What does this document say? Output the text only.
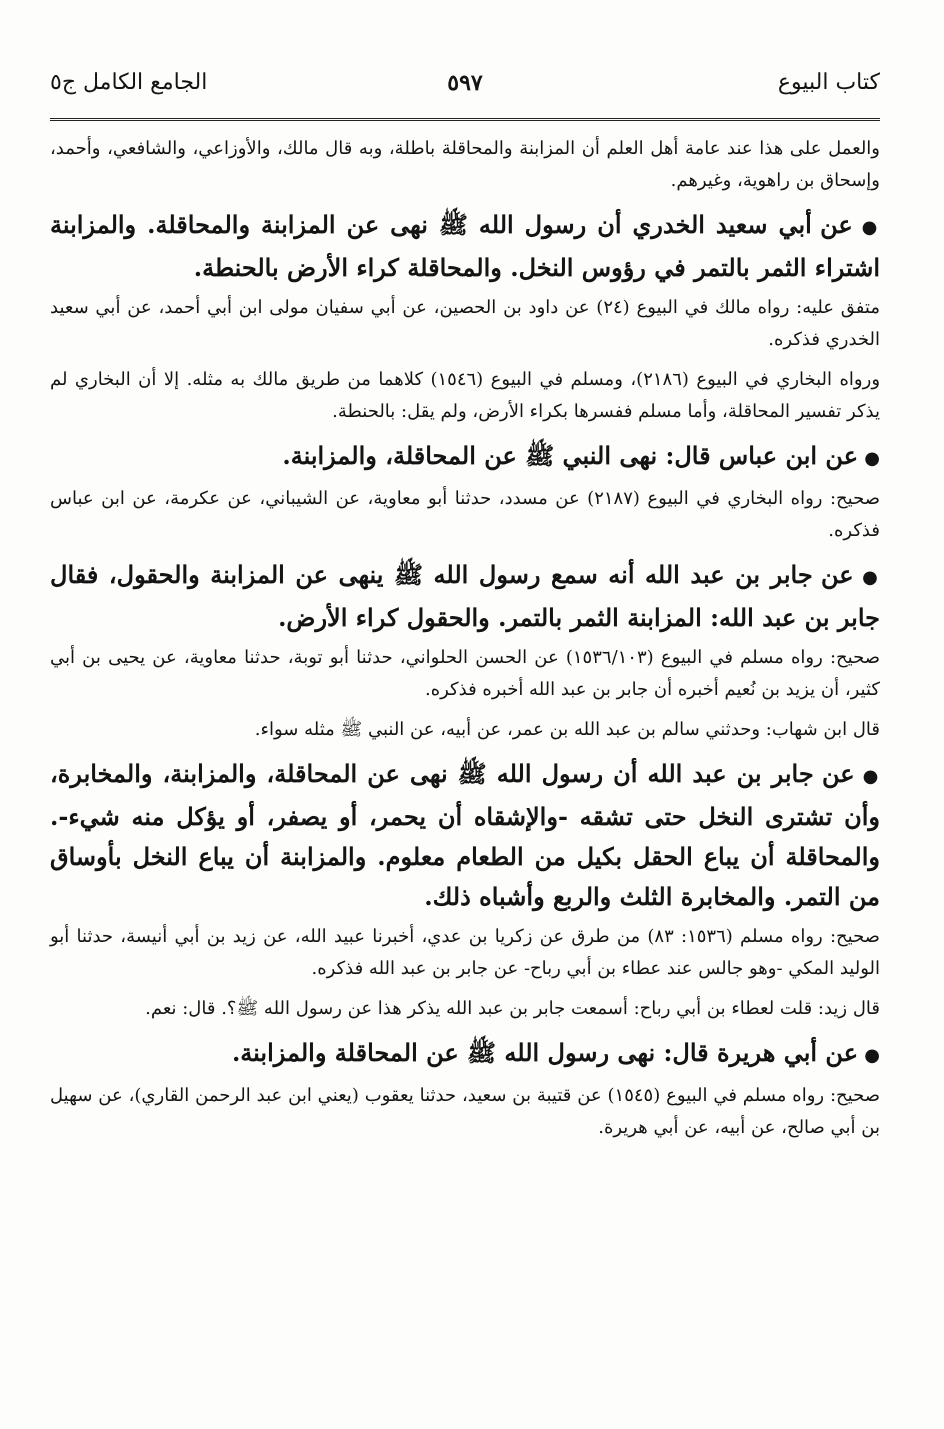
كتاب البيوع
٥٩٧
الجامع الكامل ج٥

والعمل على هذا عند عامة أهل العلم أن المزابنة والمحاقلة باطلة، وبه قال مالك، والأوزاعي، والشافعي، وأحمد، وإسحاق بن راهوية، وغيرهم.

● عن أبي سعيد الخدري أن رسول الله ﷺ نهى عن المزابنة والمحاقلة. والمزابنة اشتراء الثمر بالتمر في رؤوس النخل. والمحاقلة كراء الأرض بالحنطة.

متفق عليه: رواه مالك في البيوع (٢٤) عن داود بن الحصين، عن أبي سفيان مولى ابن أبي أحمد، عن أبي سعيد الخدري فذكره.

ورواه البخاري في البيوع (٢١٨٦)، ومسلم في البيوع (١٥٤٦) كلاهما من طريق مالك به مثله. إلا أن البخاري لم يذكر تفسير المحاقلة، وأما مسلم ففسرها بكراء الأرض، ولم يقل: بالحنطة.

● عن ابن عباس قال: نهى النبي ﷺ عن المحاقلة، والمزابنة.

صحيح: رواه البخاري في البيوع (٢١٨٧) عن مسدد، حدثنا أبو معاوية، عن الشيباني، عن عكرمة، عن ابن عباس فذكره.

● عن جابر بن عبد الله أنه سمع رسول الله ﷺ ينهى عن المزابنة والحقول، فقال جابر بن عبد الله: المزابنة الثمر بالتمر. والحقول كراء الأرض.

صحيح: رواه مسلم في البيوع (١٥٣٦/١٠٣) عن الحسن الحلواني، حدثنا أبو توبة، حدثنا معاوية، عن يحيى بن أبي كثير، أن يزيد بن نُعيم أخبره أن جابر بن عبد الله أخبره فذكره.

قال ابن شهاب: وحدثني سالم بن عبد الله بن عمر، عن أبيه، عن النبي ﷺ مثله سواء.

● عن جابر بن عبد الله أن رسول الله ﷺ نهى عن المحاقلة، والمزابنة، والمخابرة، وأن تشترى النخل حتى تشقه -والإشقاه أن يحمر، أو يصفر، أو يؤكل منه شيء-. والمحاقلة أن يباع الحقل بكيل من الطعام معلوم. والمزابنة أن يباع النخل بأوساق من التمر. والمخابرة الثلث والربع وأشباه ذلك.

صحيح: رواه مسلم (١٥٣٦: ٨٣) من طرق عن زكريا بن عدي، أخبرنا عبيد الله، عن زيد بن أبي أنيسة، حدثنا أبو الوليد المكي -وهو جالس عند عطاء بن أبي رباح- عن جابر بن عبد الله فذكره.

قال زيد: قلت لعطاء بن أبي رباح: أسمعت جابر بن عبد الله يذكر هذا عن رسول الله ﷺ؟. قال: نعم.

● عن أبي هريرة قال: نهى رسول الله ﷺ عن المحاقلة والمزابنة.

صحيح: رواه مسلم في البيوع (١٥٤٥) عن قتيبة بن سعيد، حدثنا يعقوب (يعني ابن عبد الرحمن القاري)، عن سهيل بن أبي صالح، عن أبيه، عن أبي هريرة.
